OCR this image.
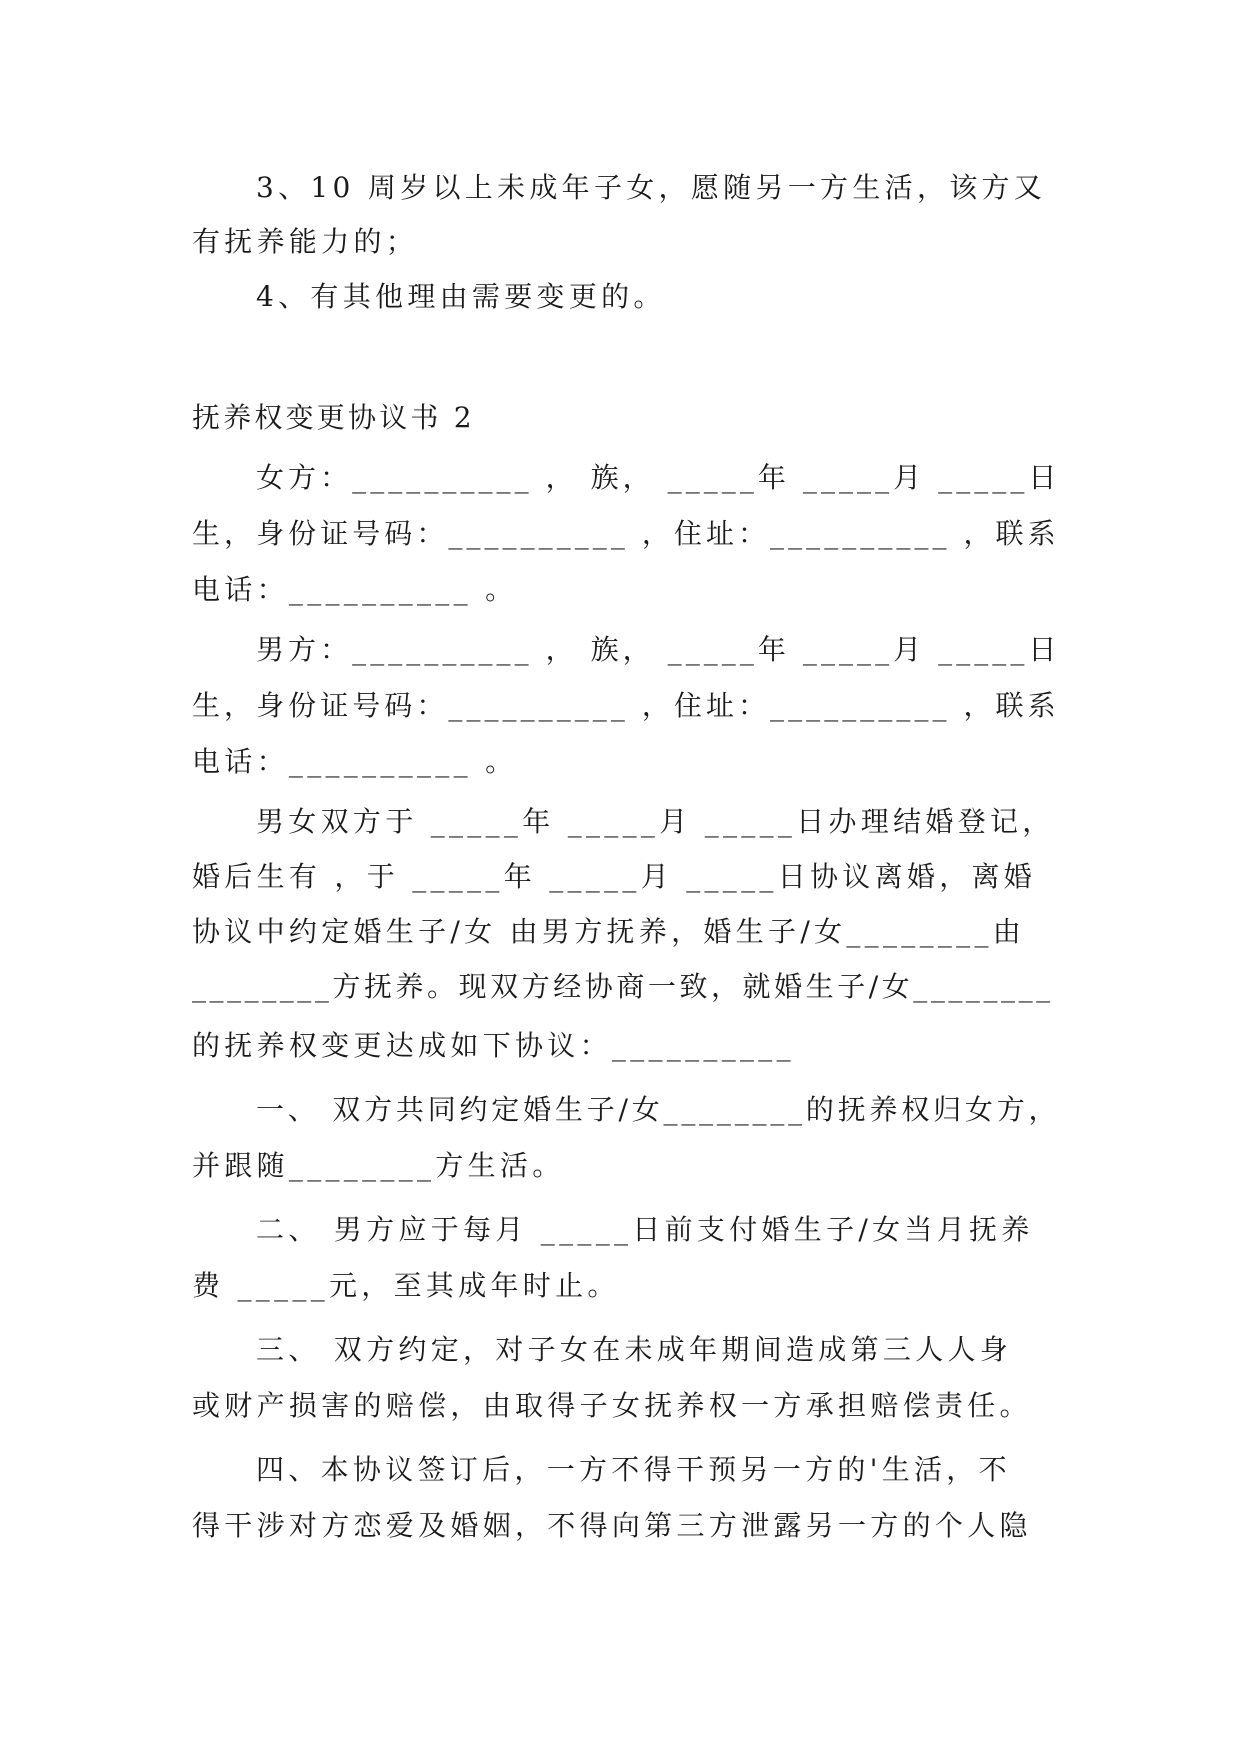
3、10 周岁以上未成年子女，愿随另一方生活，该方又

有抚养能力的；

4、有其他理由需要变更的。

抚养权变更协议书 2

女方：__________ ， 族， _____年 _____月 _____日

生，身份证号码：__________ ，住址：__________ ，联系

电话：__________ 。

男方：__________ ， 族， _____年 _____月 _____日

生，身份证号码：__________ ，住址：__________ ，联系

电话：__________ 。

男女双方于 _____年 _____月 _____日办理结婚登记，

婚后生有 ，于 _____年 _____月 _____日协议离婚，离婚

协议中约定婚生子/女 由男方抚养，婚生子/女________由

________方抚养。现双方经协商一致，就婚生子/女________

的抚养权变更达成如下协议：__________

一、 双方共同约定婚生子/女________的抚养权归女方，

并跟随________方生活。

二、 男方应于每月 _____日前支付婚生子/女当月抚养

费 _____元，至其成年时止。

三、 双方约定，对子女在未成年期间造成第三人人身

或财产损害的赔偿，由取得子女抚养权一方承担赔偿责任。

四、本协议签订后，一方不得干预另一方的'生活，不

得干涉对方恋爱及婚姻，不得向第三方泄露另一方的个人隐
